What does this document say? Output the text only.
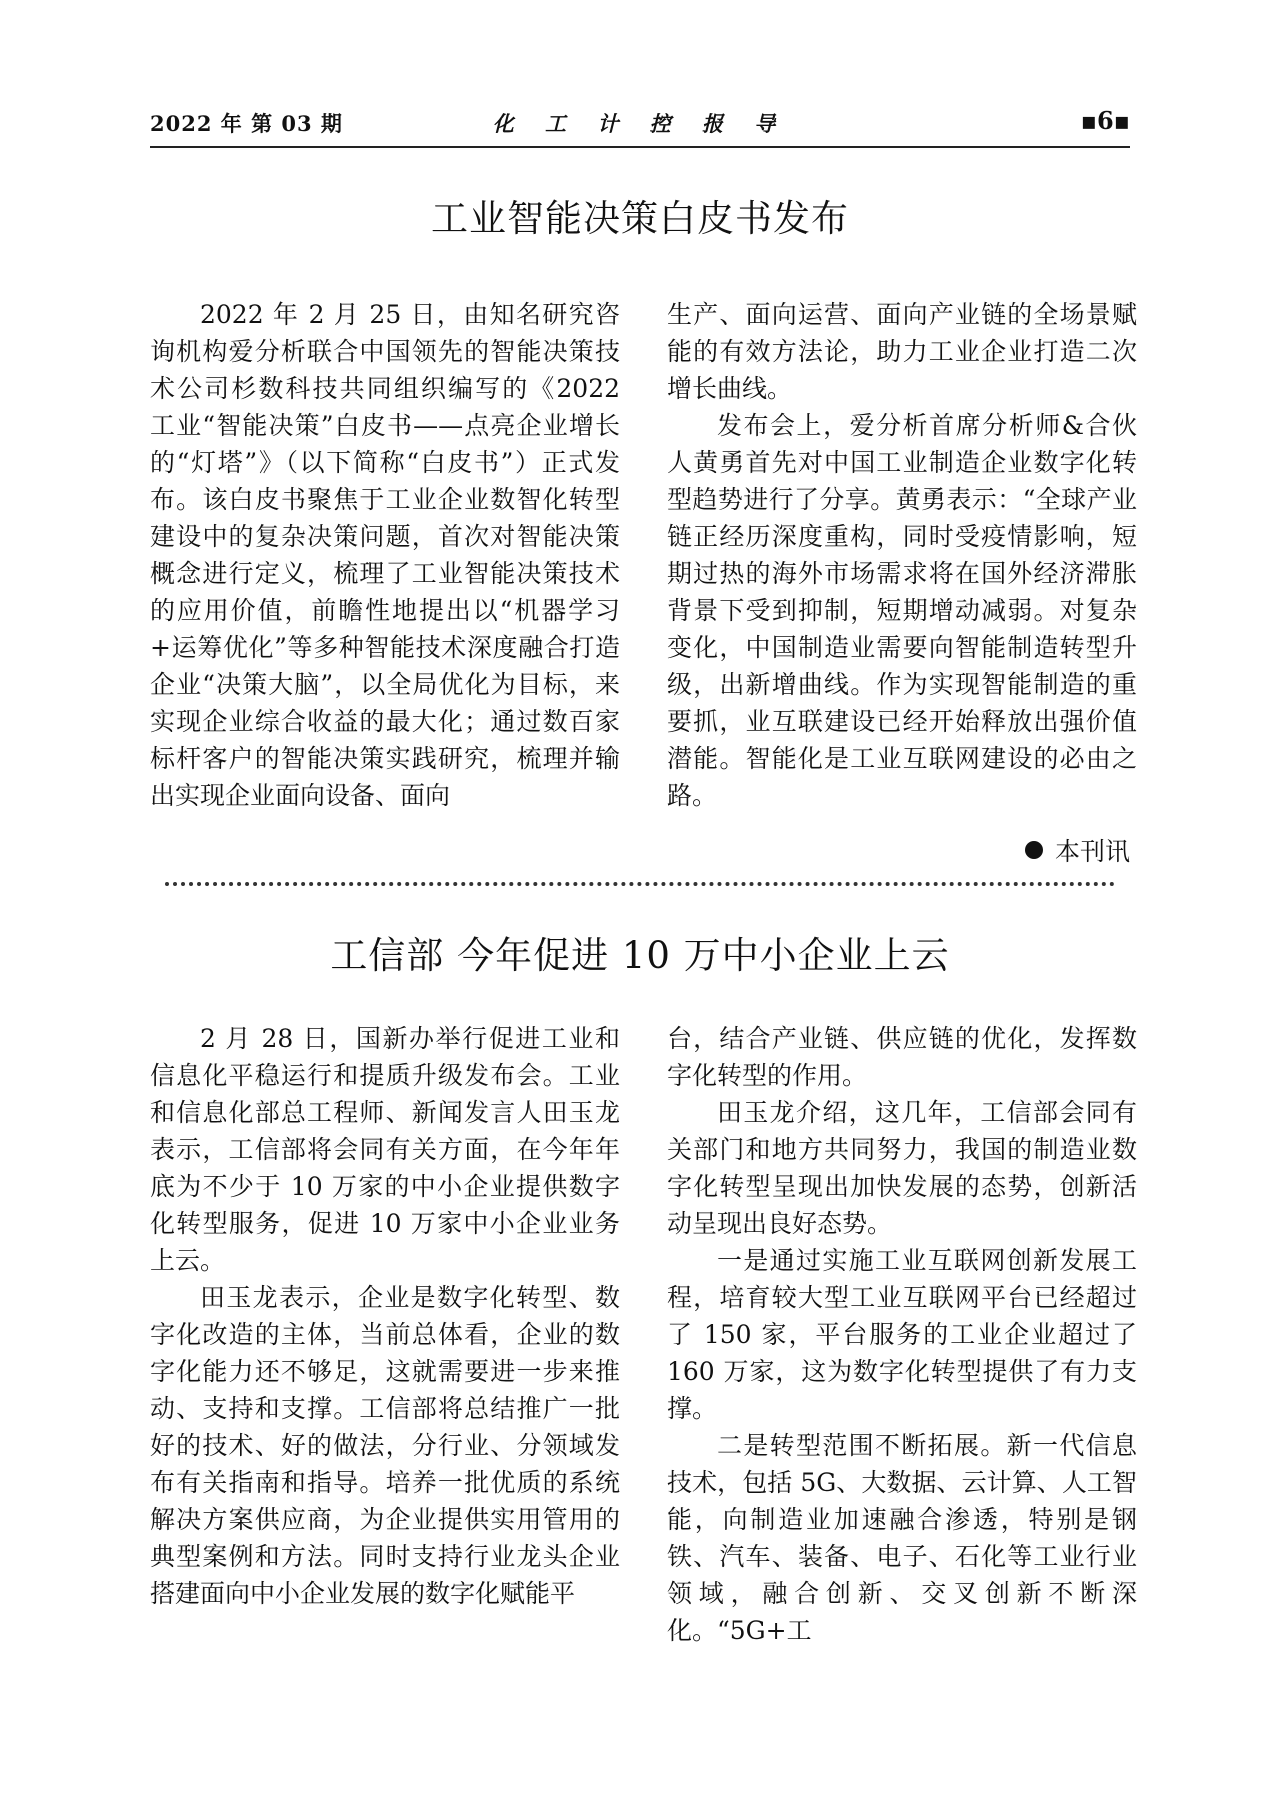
2022 年 第 03 期	化 工 计 控 报 导	▪6▪
工业智能决策白皮书发布

2022 年 2 月 25 日，由知名研究咨询机构爱分析联合中国领先的智能决策技术公司杉数科技共同组织编写的《2022 工业“智能决策”白皮书——点亮企业增长的“灯塔”》（以下简称“白皮书”）正式发布。该白皮书聚焦于工业企业数智化转型建设中的复杂决策问题，首次对智能决策概念进行定义，梳理了工业智能决策技术的应用价值，前瞻性地提出以“机器学习+运筹优化”等多种智能技术深度融合打造企业“决策大脑”，以全局优化为目标，来实现企业综合收益的最大化；通过数百家标杆客户的智能决策实践研究，梳理并输出实现企业面向设备、面向

生产、面向运营、面向产业链的全场景赋能的有效方法论，助力工业企业打造二次增长曲线。

发布会上，爱分析首席分析师&合伙人黄勇首先对中国工业制造企业数字化转型趋势进行了分享。黄勇表示：“全球产业链正经历深度重构，同时受疫情影响，短期过热的海外市场需求将在国外经济滞胀背景下受到抑制，短期增动减弱。对复杂变化，中国制造业需要向智能制造转型升级，出新增曲线。作为实现智能制造的重要抓，业互联建设已经开始释放出强价值潜能。智能化是工业互联网建设的必由之路。

本刊讯
工信部 今年促进 10 万中小企业上云

2 月 28 日，国新办举行促进工业和信息化平稳运行和提质升级发布会。工业和信息化部总工程师、新闻发言人田玉龙表示，工信部将会同有关方面，在今年年底为不少于 10 万家的中小企业提供数字化转型服务，促进 10 万家中小企业业务上云。

田玉龙表示，企业是数字化转型、数字化改造的主体，当前总体看，企业的数字化能力还不够足，这就需要进一步来推动、支持和支撑。工信部将总结推广一批好的技术、好的做法，分行业、分领域发布有关指南和指导。培养一批优质的系统解决方案供应商，为企业提供实用管用的典型案例和方法。同时支持行业龙头企业搭建面向中小企业发展的数字化赋能平

台，结合产业链、供应链的优化，发挥数字化转型的作用。

田玉龙介绍，这几年，工信部会同有关部门和地方共同努力，我国的制造业数字化转型呈现出加快发展的态势，创新活动呈现出良好态势。

一是通过实施工业互联网创新发展工程，培育较大型工业互联网平台已经超过了 150 家，平台服务的工业企业超过了 160 万家，这为数字化转型提供了有力支撑。

二是转型范围不断拓展。新一代信息技术，包括 5G、大数据、云计算、人工智能，向制造业加速融合渗透，特别是钢铁、汽车、装备、电子、石化等工业行业领域，融合创新、交叉创新不断深化。“5G+工
